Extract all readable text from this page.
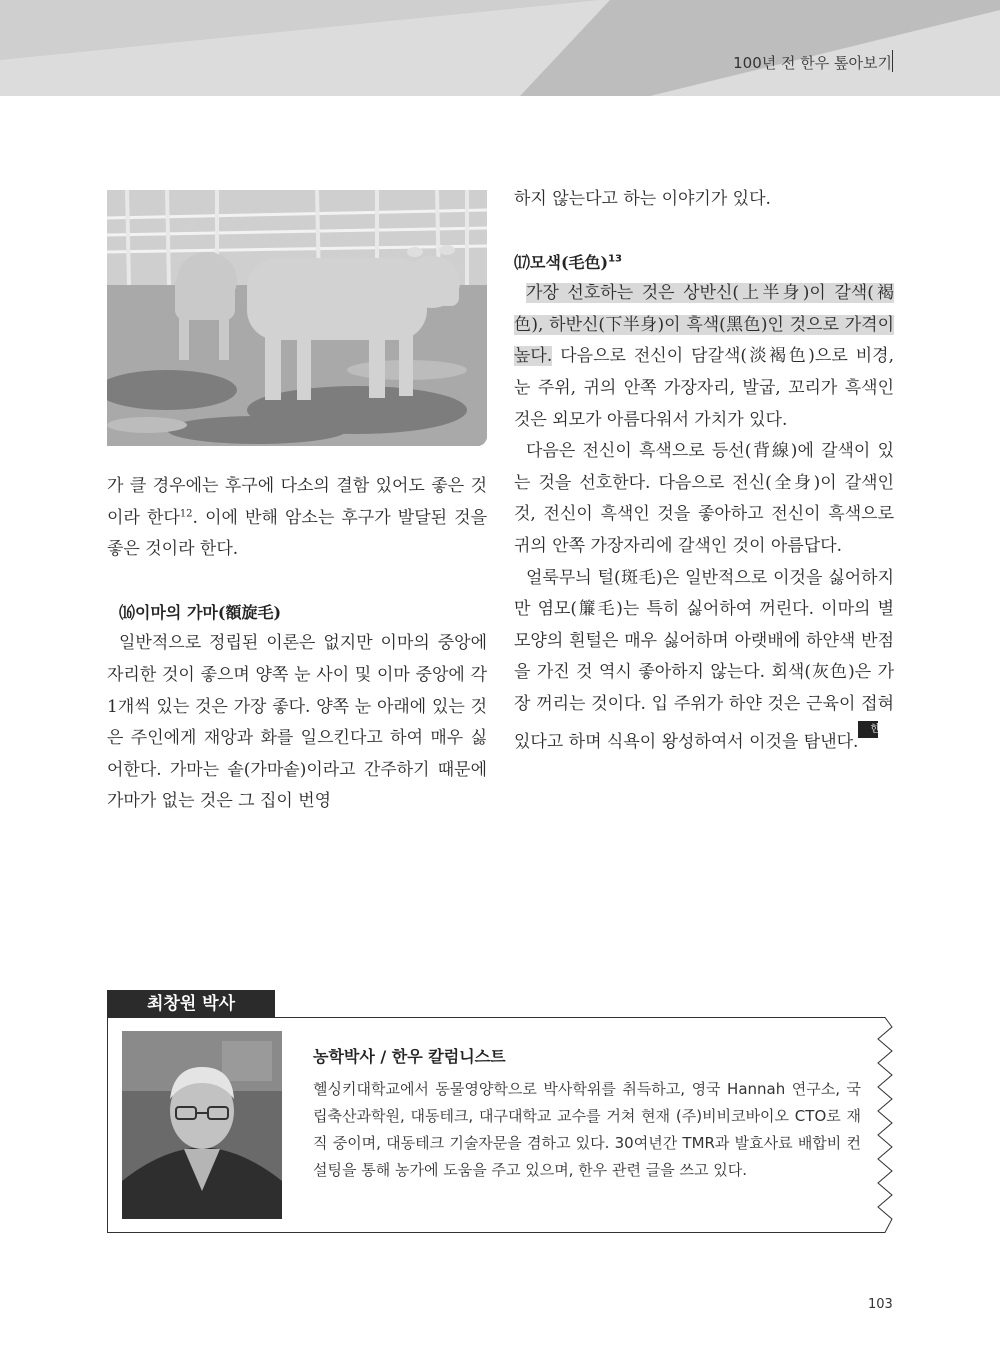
100년 전 한우 톺아보기

가 클 경우에는 후구에 다소의 결함 있어도 좋은 것이라 한다$^{12}$. 이에 반해 암소는 후구가 발달된 것을 좋은 것이라 한다.

⒃이마의 가마(額旋毛)

일반적으로 정립된 이론은 없지만 이마의 중앙에 자리한 것이 좋으며 양쪽 눈 사이 및 이마 중앙에 각 1개씩 있는 것은 가장 좋다. 양쪽 눈 아래에 있는 것은 주인에게 재앙과 화를 일으킨다고 하여 매우 싫어한다. 가마는 솥(가마솥)이라고 간주하기 때문에 가마가 없는 것은 그 집이 번영

하지 않는다고 하는 이야기가 있다.

⒄모색(毛色)$^{13}$

가장 선호하는 것은 상반신(上半身)이 갈색(褐色), 하반신(下半身)이 흑색(黑色)인 것으로 가격이 높다. 다음으로 전신이 담갈색(淡褐色)으로 비경, 눈 주위, 귀의 안쪽 가장자리, 발굽, 꼬리가 흑색인 것은 외모가 아름다워서 가치가 있다.

다음은 전신이 흑색으로 등선(背線)에 갈색이 있는 것을 선호한다. 다음으로 전신(全身)이 갈색인 것, 전신이 흑색인 것을 좋아하고 전신이 흑색으로 귀의 안쪽 가장자리에 갈색인 것이 아름답다.

얼룩무늬 털(斑毛)은 일반적으로 이것을 싫어하지만 염모(簾毛)는 특히 싫어하여 꺼린다. 이마의 별모양의 흰털은 매우 싫어하며 아랫배에 하얀색 반점을 가진 것 역시 좋아하지 않는다. 회색(灰色)은 가장 꺼리는 것이다. 입 주위가 하얀 것은 근육이 접혀있다고 하며 식욕이 왕성하여서 이것을 탐낸다.한우

최창원 박사
농학박사 / 한우 칼럼니스트
헬싱키대학교에서 동물영양학으로 박사학위를 취득하고, 영국 Hannah 연구소, 국립축산과학원, 대동테크, 대구대학교 교수를 거쳐 현재 (주)비비코바이오 CTO로 재직 중이며, 대동테크 기술자문을 겸하고 있다. 30여년간 TMR과 발효사료 배합비 컨설팅을 통해 농가에 도움을 주고 있으며, 한우 관련 글을 쓰고 있다.
103
